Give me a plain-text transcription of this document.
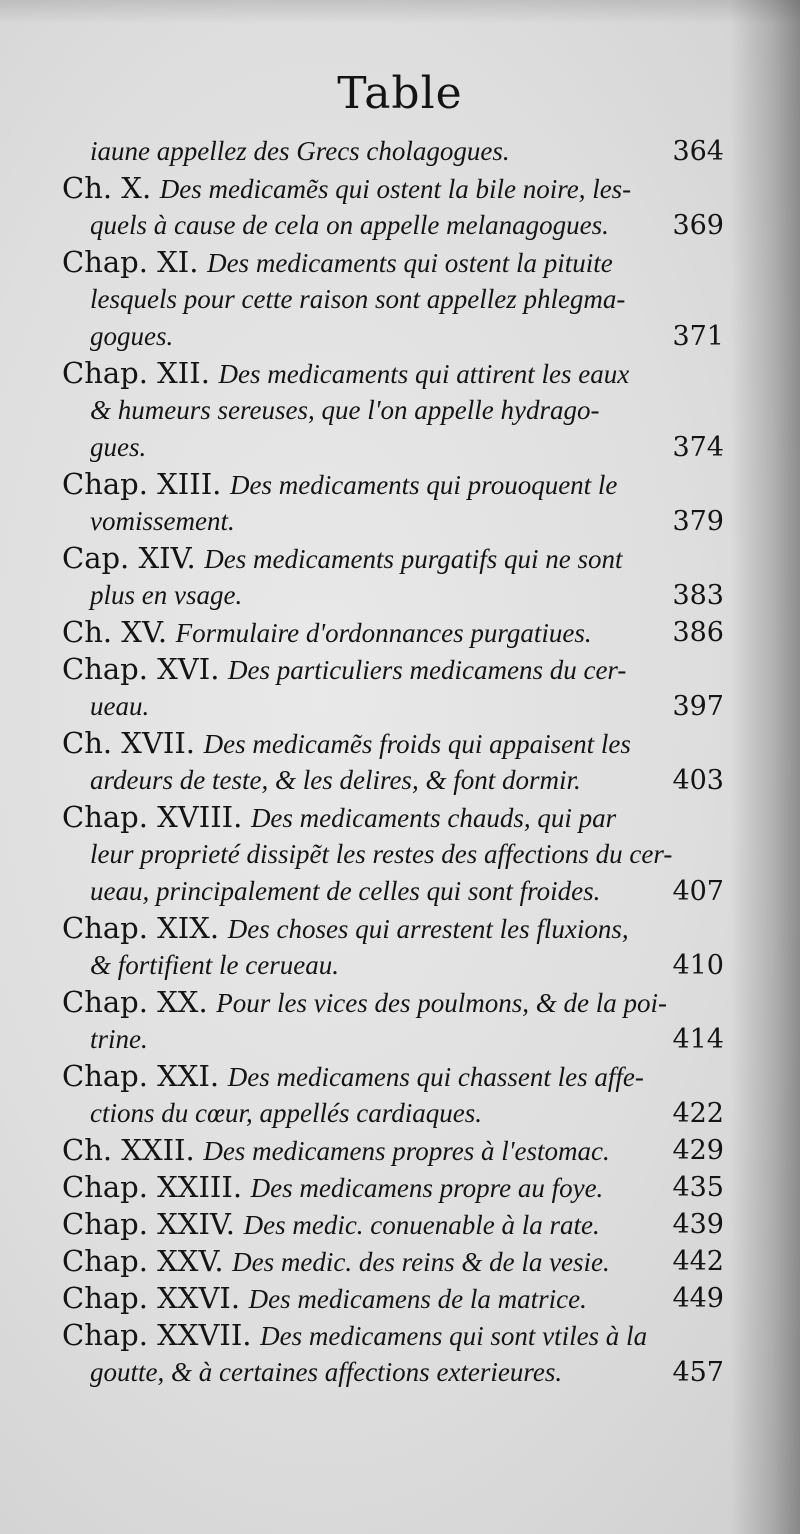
Table
iaune appellez des Grecs cholagogues.	364
Ch. X. Des medicamẽs qui ostent la bile noire, les-
quels à cause de cela on appelle melanagogues.	369
Chap. XI. Des medicaments qui ostent la pituite
lesquels pour cette raison sont appellez phlegma-
gogues.	371
Chap. XII. Des medicaments qui attirent les eaux
& humeurs sereuses, que l'on appelle hydrago-
gues.	374
Chap. XIII. Des medicaments qui prouoquent le
vomissement.	379
Cap. XIV. Des medicaments purgatifs qui ne sont
plus en vsage.	383
Ch. XV. Formulaire d'ordonnances purgatiues.	386
Chap. XVI. Des particuliers medicamens du cer-
ueau.	397
Ch. XVII. Des medicamẽs froids qui appaisent les
ardeurs de teste, & les delires, & font dormir.	403
Chap. XVIII. Des medicaments chauds, qui par
leur proprieté dissipẽt les restes des affections du cer-
ueau, principalement de celles qui sont froides.	407
Chap. XIX. Des choses qui arrestent les fluxions,
& fortifient le cerueau.	410
Chap. XX. Pour les vices des poulmons, & de la poi-
trine.	414
Chap. XXI. Des medicamens qui chassent les affe-
ctions du cœur, appellés cardiaques.	422
Ch. XXII. Des medicamens propres à l'estomac.	429
Chap. XXIII. Des medicamens propre au foye.	435
Chap. XXIV. Des medic. conuenable à la rate.	439
Chap. XXV. Des medic. des reins & de la vesie.	442
Chap. XXVI. Des medicamens de la matrice.	449
Chap. XXVII. Des medicamens qui sont vtiles à la
goutte, & à certaines affections exterieures.	457
